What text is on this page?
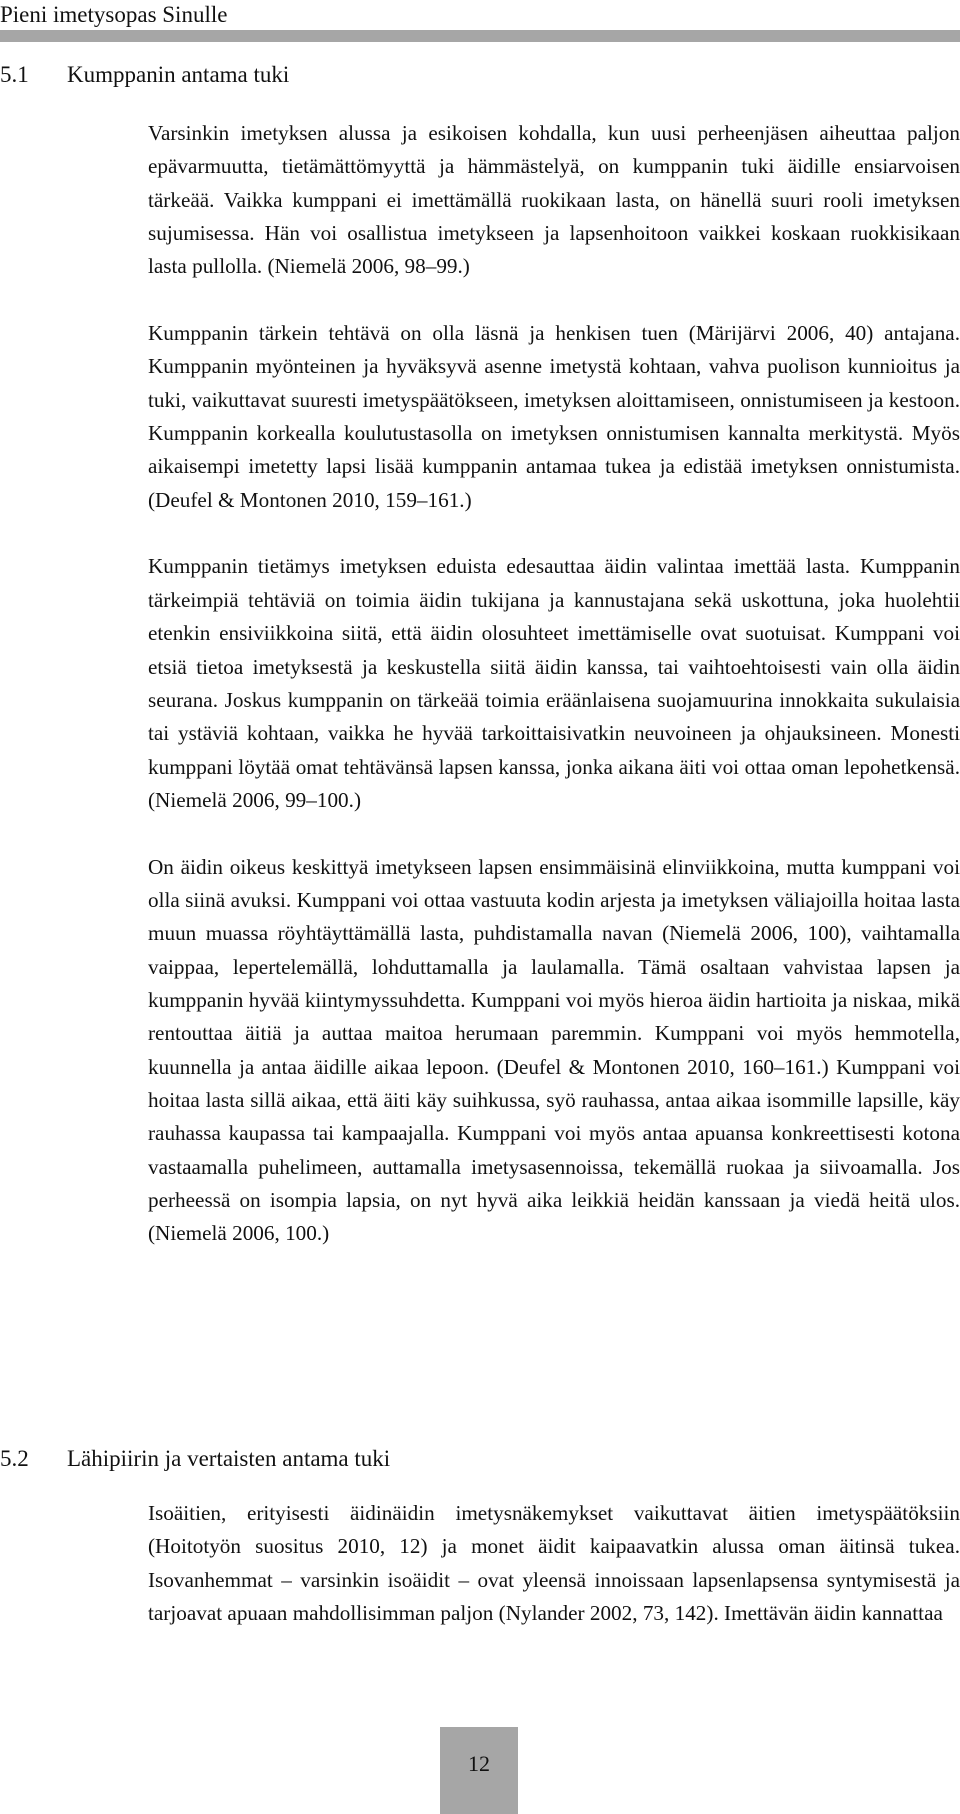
Pieni imetysopas Sinulle
5.1 Kumppanin antama tuki

Varsinkin imetyksen alussa ja esikoisen kohdalla, kun uusi perheenjäsen aiheuttaa paljon epävarmuutta, tietämättömyyttä ja hämmästelyä, on kumppanin tuki äidille ensiarvoisen tärkeää. Vaikka kumppani ei imettämällä ruokikaan lasta, on hänellä suuri rooli imetyksen sujumisessa. Hän voi osallistua imetykseen ja lapsenhoitoon vaikkei koskaan ruokkisikaan lasta pullolla. (Niemelä 2006, 98–99.)

Kumppanin tärkein tehtävä on olla läsnä ja henkisen tuen (Märijärvi 2006, 40) antajana. Kumppanin myönteinen ja hyväksyvä asenne imetystä kohtaan, vahva puolison kunnioitus ja tuki, vaikuttavat suuresti imetyspäätökseen, imetyksen aloittamiseen, onnistumiseen ja kestoon. Kumppanin korkealla koulutustasolla on imetyksen onnistumisen kannalta merkitystä. Myös aikaisempi imetetty lapsi lisää kumppanin antamaa tukea ja edistää imetyksen onnistumista. (Deufel & Montonen 2010, 159–161.)

Kumppanin tietämys imetyksen eduista edesauttaa äidin valintaa imettää lasta. Kumppanin tärkeimpiä tehtäviä on toimia äidin tukijana ja kannustajana sekä uskottuna, joka huolehtii etenkin ensiviikkoina siitä, että äidin olosuhteet imettämiselle ovat suotuisat. Kumppani voi etsiä tietoa imetyksestä ja keskustella siitä äidin kanssa, tai vaihtoehtoisesti vain olla äidin seurana. Joskus kumppanin on tärkeää toimia eräänlaisena suojamuurina innokkaita sukulaisia tai ystäviä kohtaan, vaikka he hyvää tarkoittaisivatkin neuvoineen ja ohjauksineen. Monesti kumppani löytää omat tehtävänsä lapsen kanssa, jonka aikana äiti voi ottaa oman lepohetkensä. (Niemelä 2006, 99–100.)

On äidin oikeus keskittyä imetykseen lapsen ensimmäisinä elinviikkoina, mutta kumppani voi olla siinä avuksi. Kumppani voi ottaa vastuuta kodin arjesta ja imetyksen väliajoilla hoitaa lasta muun muassa röyhtäyttämällä lasta, puhdistamalla navan (Niemelä 2006, 100), vaihtamalla vaippaa, lepertelemällä, lohduttamalla ja laulamalla. Tämä osaltaan vahvistaa lapsen ja kumppanin hyvää kiintymyssuhdetta. Kumppani voi myös hieroa äidin hartioita ja niskaa, mikä rentouttaa äitiä ja auttaa maitoa herumaan paremmin. Kumppani voi myös hemmotella, kuunnella ja antaa äidille aikaa lepoon. (Deufel & Montonen 2010, 160–161.) Kumppani voi hoitaa lasta sillä aikaa, että äiti käy suihkussa, syö rauhassa, antaa aikaa isommille lapsille, käy rauhassa kaupassa tai kampaajalla. Kumppani voi myös antaa apuansa konkreettisesti kotona vastaamalla puhelimeen, auttamalla imetysasennoissa, tekemällä ruokaa ja siivoamalla. Jos perheessä on isompia lapsia, on nyt hyvä aika leikkiä heidän kanssaan ja viedä heitä ulos. (Niemelä 2006, 100.)

5.2 Lähipiirin ja vertaisten antama tuki

Isoäitien, erityisesti äidinäidin imetysnäkemykset vaikuttavat äitien imetyspäätöksiin (Hoitotyön suositus 2010, 12) ja monet äidit kaipaavatkin alussa oman äitinsä tukea. Isovanhemmat – varsinkin isoäidit – ovat yleensä innoissaan lapsenlapsensa syntymisestä ja tarjoavat apuaan mahdollisimman paljon (Nylander 2002, 73, 142). Imettävän äidin kannattaa

12
